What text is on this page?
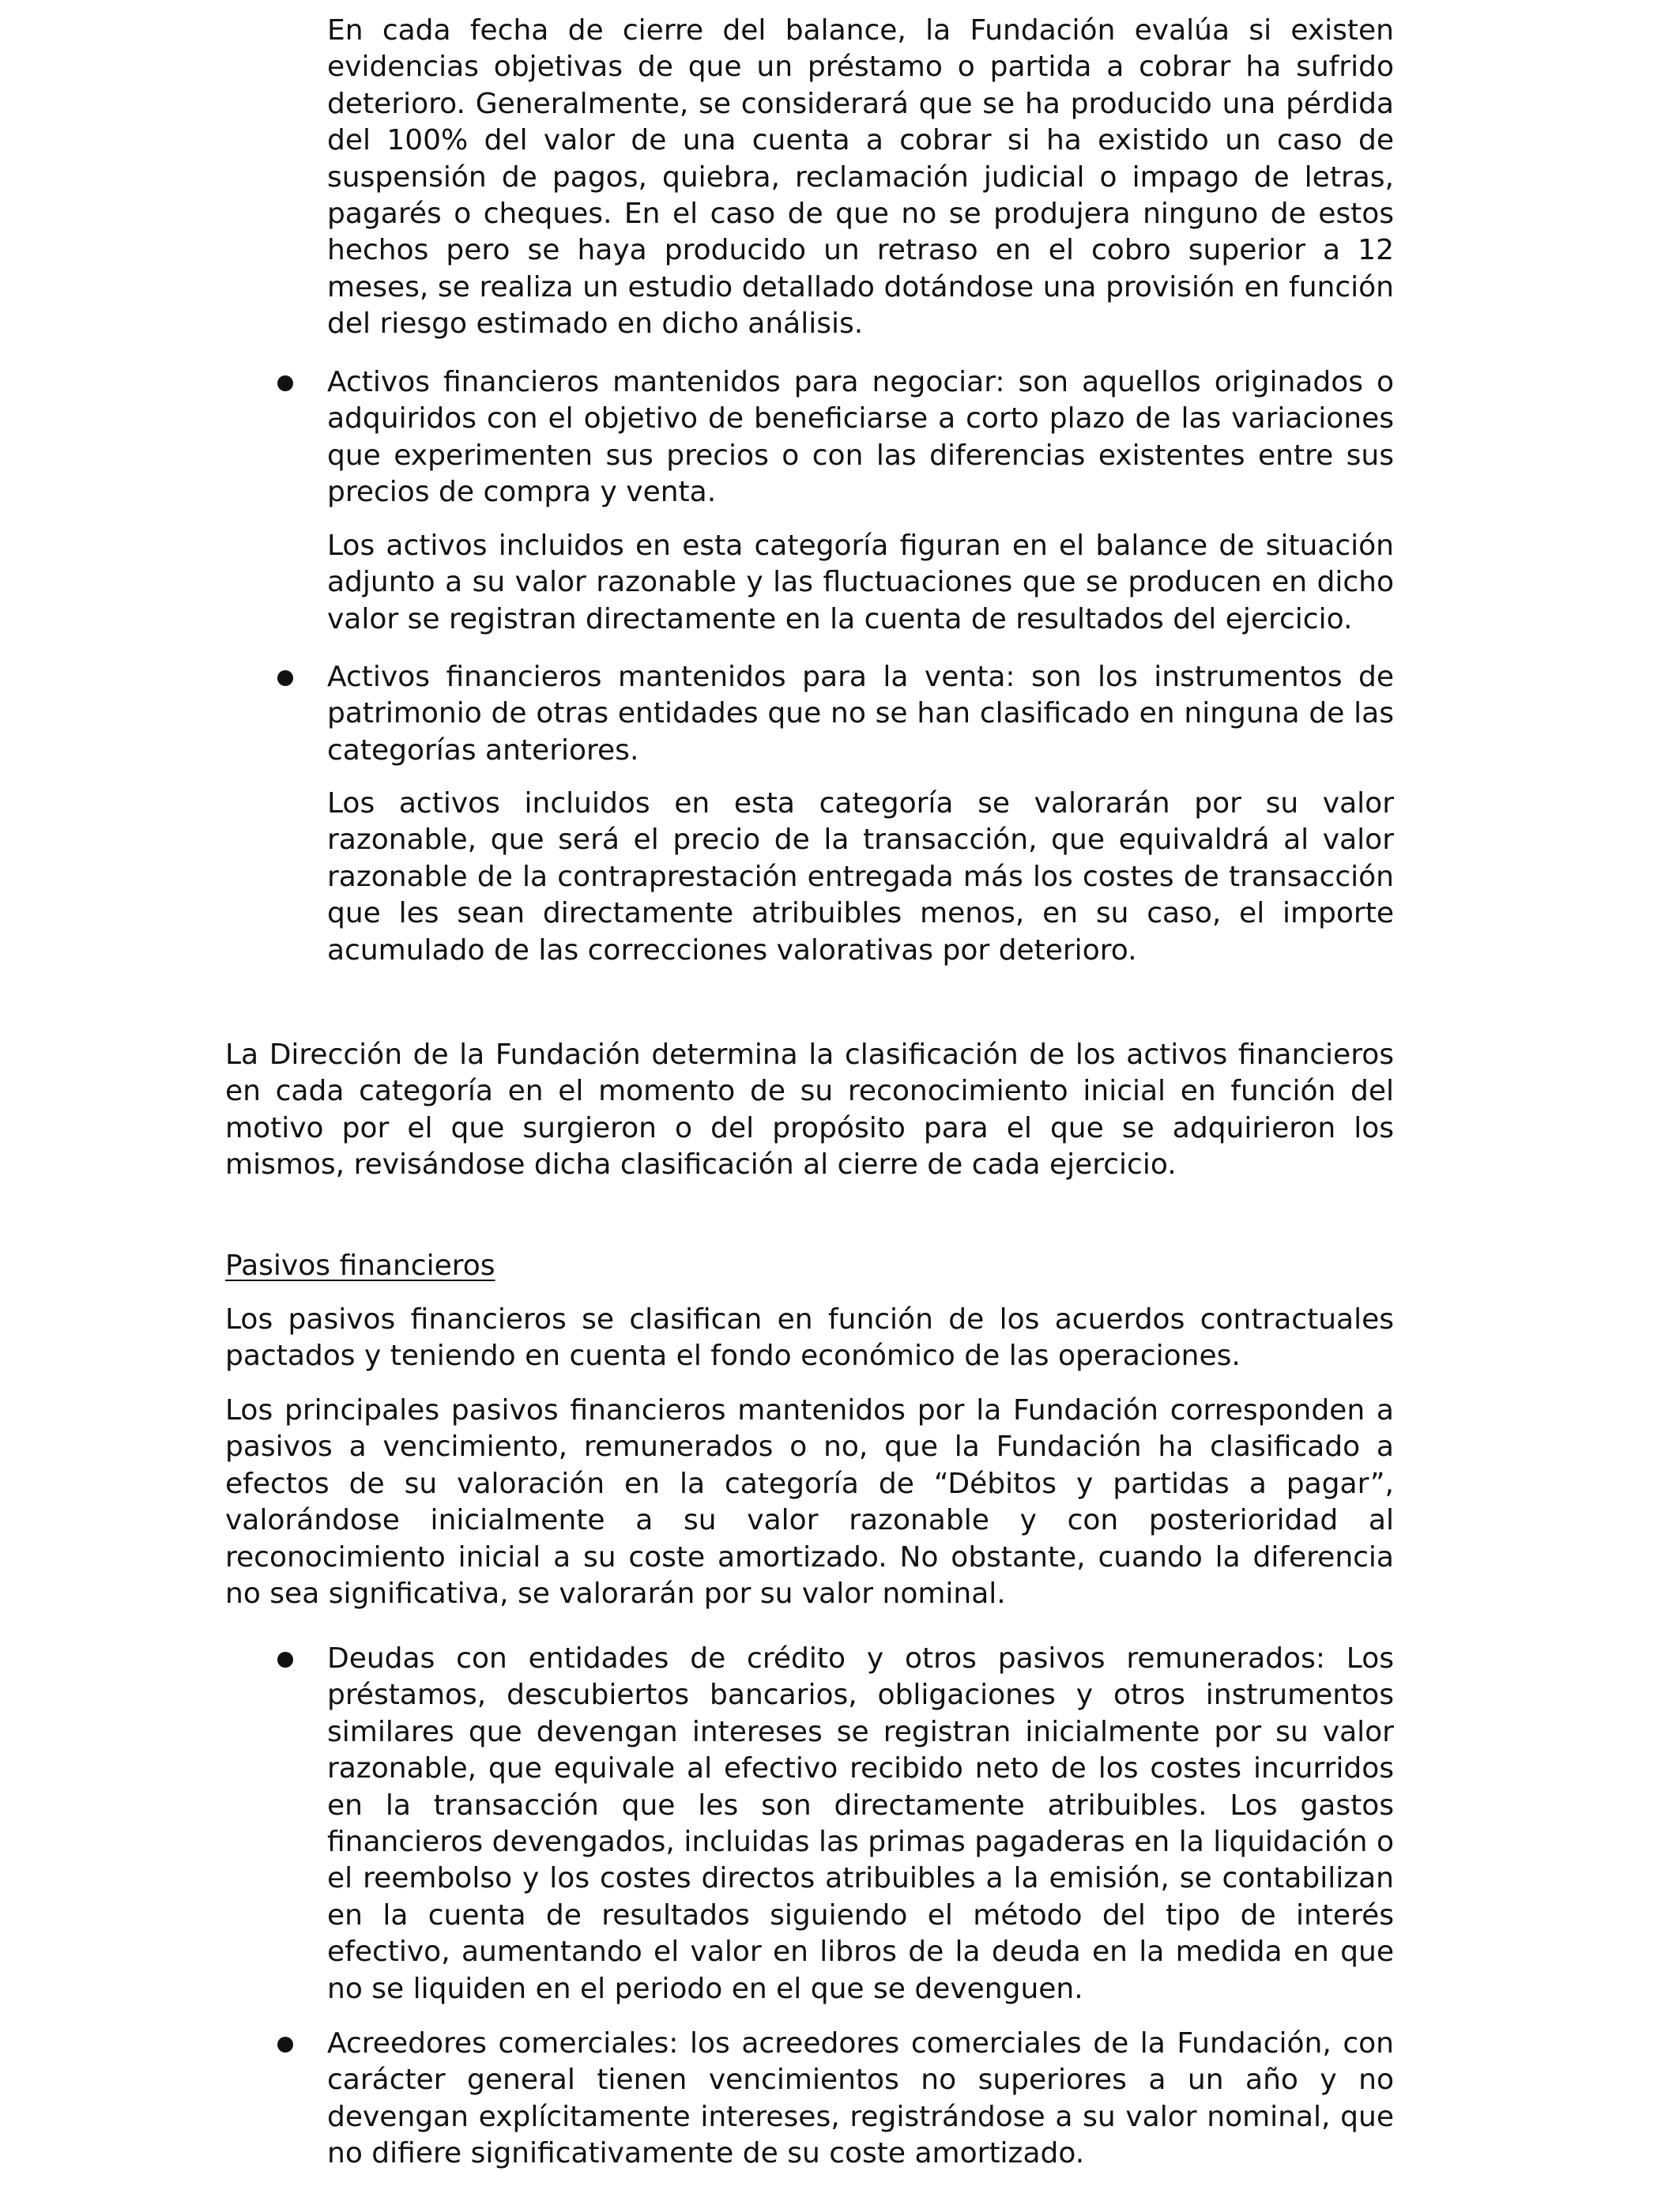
En cada fecha de cierre del balance, la Fundación evalúa si existen evidencias objetivas de que un préstamo o partida a cobrar ha sufrido deterioro. Generalmente, se considerará que se ha producido una pérdida del 100% del valor de una cuenta a cobrar si ha existido un caso de suspensión de pagos, quiebra, reclamación judicial o impago de letras, pagarés o cheques. En el caso de que no se produjera ninguno de estos hechos pero se haya producido un retraso en el cobro superior a 12 meses, se realiza un estudio detallado dotándose una provisión en función del riesgo estimado en dicho análisis.

Activos financieros mantenidos para negociar: son aquellos originados o adquiridos con el objetivo de beneficiarse a corto plazo de las variaciones que experimenten sus precios o con las diferencias existentes entre sus precios de compra y venta.

Los activos incluidos en esta categoría figuran en el balance de situación adjunto a su valor razonable y las fluctuaciones que se producen en dicho valor se registran directamente en la cuenta de resultados del ejercicio.

Activos financieros mantenidos para la venta: son los instrumentos de patrimonio de otras entidades que no se han clasificado en ninguna de las categorías anteriores.

Los activos incluidos en esta categoría se valorarán por su valor razonable, que será el precio de la transacción, que equivaldrá al valor razonable de la contraprestación entregada más los costes de transacción que les sean directamente atribuibles menos, en su caso, el importe acumulado de las correcciones valorativas por deterioro.

La Dirección de la Fundación determina la clasificación de los activos financieros en cada categoría en el momento de su reconocimiento inicial en función del motivo por el que surgieron o del propósito para el que se adquirieron los mismos, revisándose dicha clasificación al cierre de cada ejercicio.

Pasivos financieros

Los pasivos financieros se clasifican en función de los acuerdos contractuales pactados y teniendo en cuenta el fondo económico de las operaciones.

Los principales pasivos financieros mantenidos por la Fundación corresponden a pasivos a vencimiento, remunerados o no, que la Fundación ha clasificado a efectos de su valoración en la categoría de “Débitos y partidas a pagar”, valorándose inicialmente a su valor razonable y con posterioridad al reconocimiento inicial a su coste amortizado. No obstante, cuando la diferencia no sea significativa, se valorarán por su valor nominal.

Deudas con entidades de crédito y otros pasivos remunerados: Los préstamos, descubiertos bancarios, obligaciones y otros instrumentos similares que devengan intereses se registran inicialmente por su valor razonable, que equivale al efectivo recibido neto de los costes incurridos en la transacción que les son directamente atribuibles. Los gastos financieros devengados, incluidas las primas pagaderas en la liquidación o el reembolso y los costes directos atribuibles a la emisión, se contabilizan en la cuenta de resultados siguiendo el método del tipo de interés efectivo, aumentando el valor en libros de la deuda en la medida en que no se liquiden en el periodo en el que se devenguen.

Acreedores comerciales: los acreedores comerciales de la Fundación, con carácter general tienen vencimientos no superiores a un año y no devengan explícitamente intereses, registrándose a su valor nominal, que no difiere significativamente de su coste amortizado.
